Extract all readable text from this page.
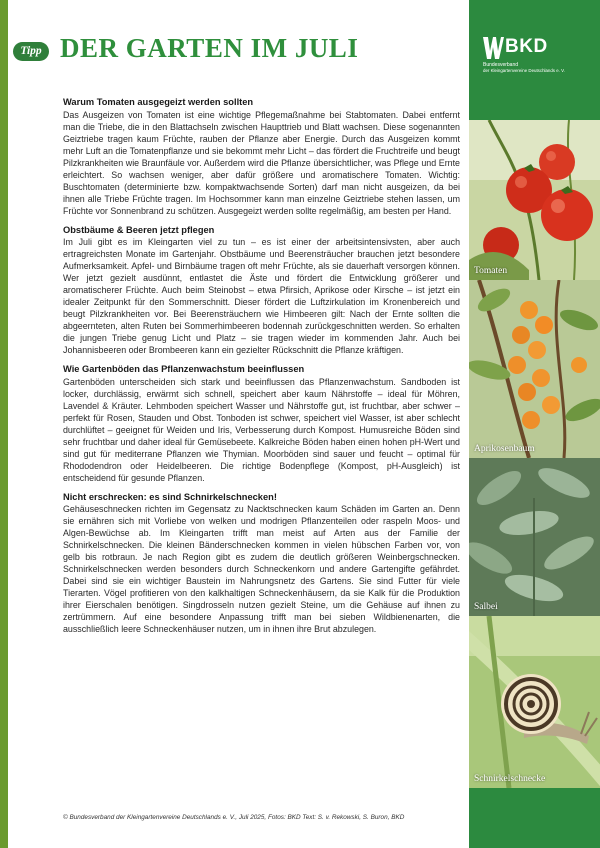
Tipp DER GARTEN IM JULI
Warum Tomaten ausgegeizt werden sollten

Das Ausgeizen von Tomaten ist eine wichtige Pflegemaßnahme bei Stabtomaten. Dabei entfernt man die Triebe, die in den Blattachseln zwischen Haupttrieb und Blatt wachsen. Diese sogenannten Geiztriebe tragen kaum Früchte, rauben der Pflanze aber Energie. Durch das Ausgeizen kommt mehr Luft an die Tomatenpflanze und sie bekommt mehr Licht – das fördert die Fruchtreife und beugt Pilzkrankheiten wie Braunfäule vor. Außerdem wird die Pflanze übersichtlicher, was Pflege und Ernte erleichtert. So wachsen weniger, aber dafür größere und aromatischere Tomaten. Wichtig: Buschtomaten (determinierte bzw. kompaktwachsende Sorten) darf man nicht ausgeizen, da bei ihnen alle Triebe Früchte tragen. Im Hochsommer kann man einzelne Geiztriebe stehen lassen, um Früchte vor Sonnenbrand zu schützen. Ausgegeizt werden sollte regelmäßig, am besten per Hand.

Obstbäume & Beeren jetzt pflegen

Im Juli gibt es im Kleingarten viel zu tun – es ist einer der arbeitsintensivsten, aber auch ertragreichsten Monate im Gartenjahr. Obstbäume und Beerensträucher brauchen jetzt besondere Aufmerksamkeit. Apfel- und Birnbäume tragen oft mehr Früchte, als sie dauerhaft versorgen können. Wer jetzt gezielt ausdünnt, entlastet die Äste und fördert die Entwicklung größerer und aromatischerer Früchte. Auch beim Steinobst – etwa Pfirsich, Aprikose oder Kirsche – ist jetzt ein idealer Zeitpunkt für den Sommerschnitt. Dieser fördert die Luftzirkulation im Kronenbereich und beugt Pilzkrankheiten vor. Bei Beerensträuchern wie Himbeeren gilt: Nach der Ernte sollten die abgeernteten, alten Ruten bei Sommerhimbeeren bodennah zurückgeschnitten werden. So erhalten die jungen Triebe genug Licht und Platz – sie tragen wieder im kommenden Jahr. Auch bei Johannisbeeren oder Brombeeren kann ein gezielter Rückschnitt die Pflanze kräftigen.

Wie Gartenböden das Pflanzenwachstum beeinflussen

Gartenböden unterscheiden sich stark und beeinflussen das Pflanzenwachstum. Sandboden ist locker, durchlässig, erwärmt sich schnell, speichert aber kaum Nährstoffe – ideal für Möhren, Lavendel & Kräuter. Lehmboden speichert Wasser und Nährstoffe gut, ist fruchtbar, aber schwer – perfekt für Rosen, Stauden und Obst. Tonboden ist schwer, speichert viel Wasser, ist aber schlecht durchlüftet – geeignet für Weiden und Iris, Verbesserung durch Kompost. Humusreiche Böden sind sehr fruchtbar und daher ideal für Gemüsebeete. Kalkreiche Böden haben einen hohen pH-Wert und sind gut für mediterrane Pflanzen wie Thymian. Moorböden sind sauer und feucht – optimal für Rhododendron oder Heidelbeeren. Die richtige Bodenpflege (Kompost, pH-Ausgleich) ist entscheidend für gesunde Pflanzen.

Nicht erschrecken: es sind Schnirkelschnecken!

Gehäuseschnecken richten im Gegensatz zu Nacktschnecken kaum Schäden im Garten an. Denn sie ernähren sich mit Vorliebe von welken und modrigen Pflanzenteilen oder raspeln Moos- und Algen-Bewüchse ab. Im Kleingarten trifft man meist auf Arten aus der Familie der Schnirkelschnecken. Die kleinen Bänderschnecken kommen in vielen hübschen Farben vor, von gelb bis rotbraun. Je nach Region gibt es zudem die deutlich größeren Weinbergschnecken. Schnirkelschnecken werden besonders durch Schneckenkorn und andere Gartengifte gefährdet. Dabei sind sie ein wichtiger Baustein im Nahrungsnetz des Gartens. Sie sind Futter für viele Tierarten. Vögel profitieren von den kalkhaltigen Schneckenhäusern, da sie Kalk für die Produktion ihrer Eierschalen benötigen. Singdrosseln nutzen gezielt Steine, um die Gehäuse auf ihnen zu zertrümmern. Auf eine besondere Anpassung trifft man bei sieben Wildbienenarten, die ausschließlich leere Schneckenhäuser nutzen, um in ihnen ihre Brut abzulegen.

© Bundesverband der Kleingartenvereine Deutschlands e. V., Juli 2025, Fotos: BKD Text: S. v. Rekowski, S. Buron, BKD
BKD
Bundesverband
der Kleingartenvereine Deutschlands e. V.
Tomaten
Aprikosenbaum
Salbei
Schnirkelschnecke
